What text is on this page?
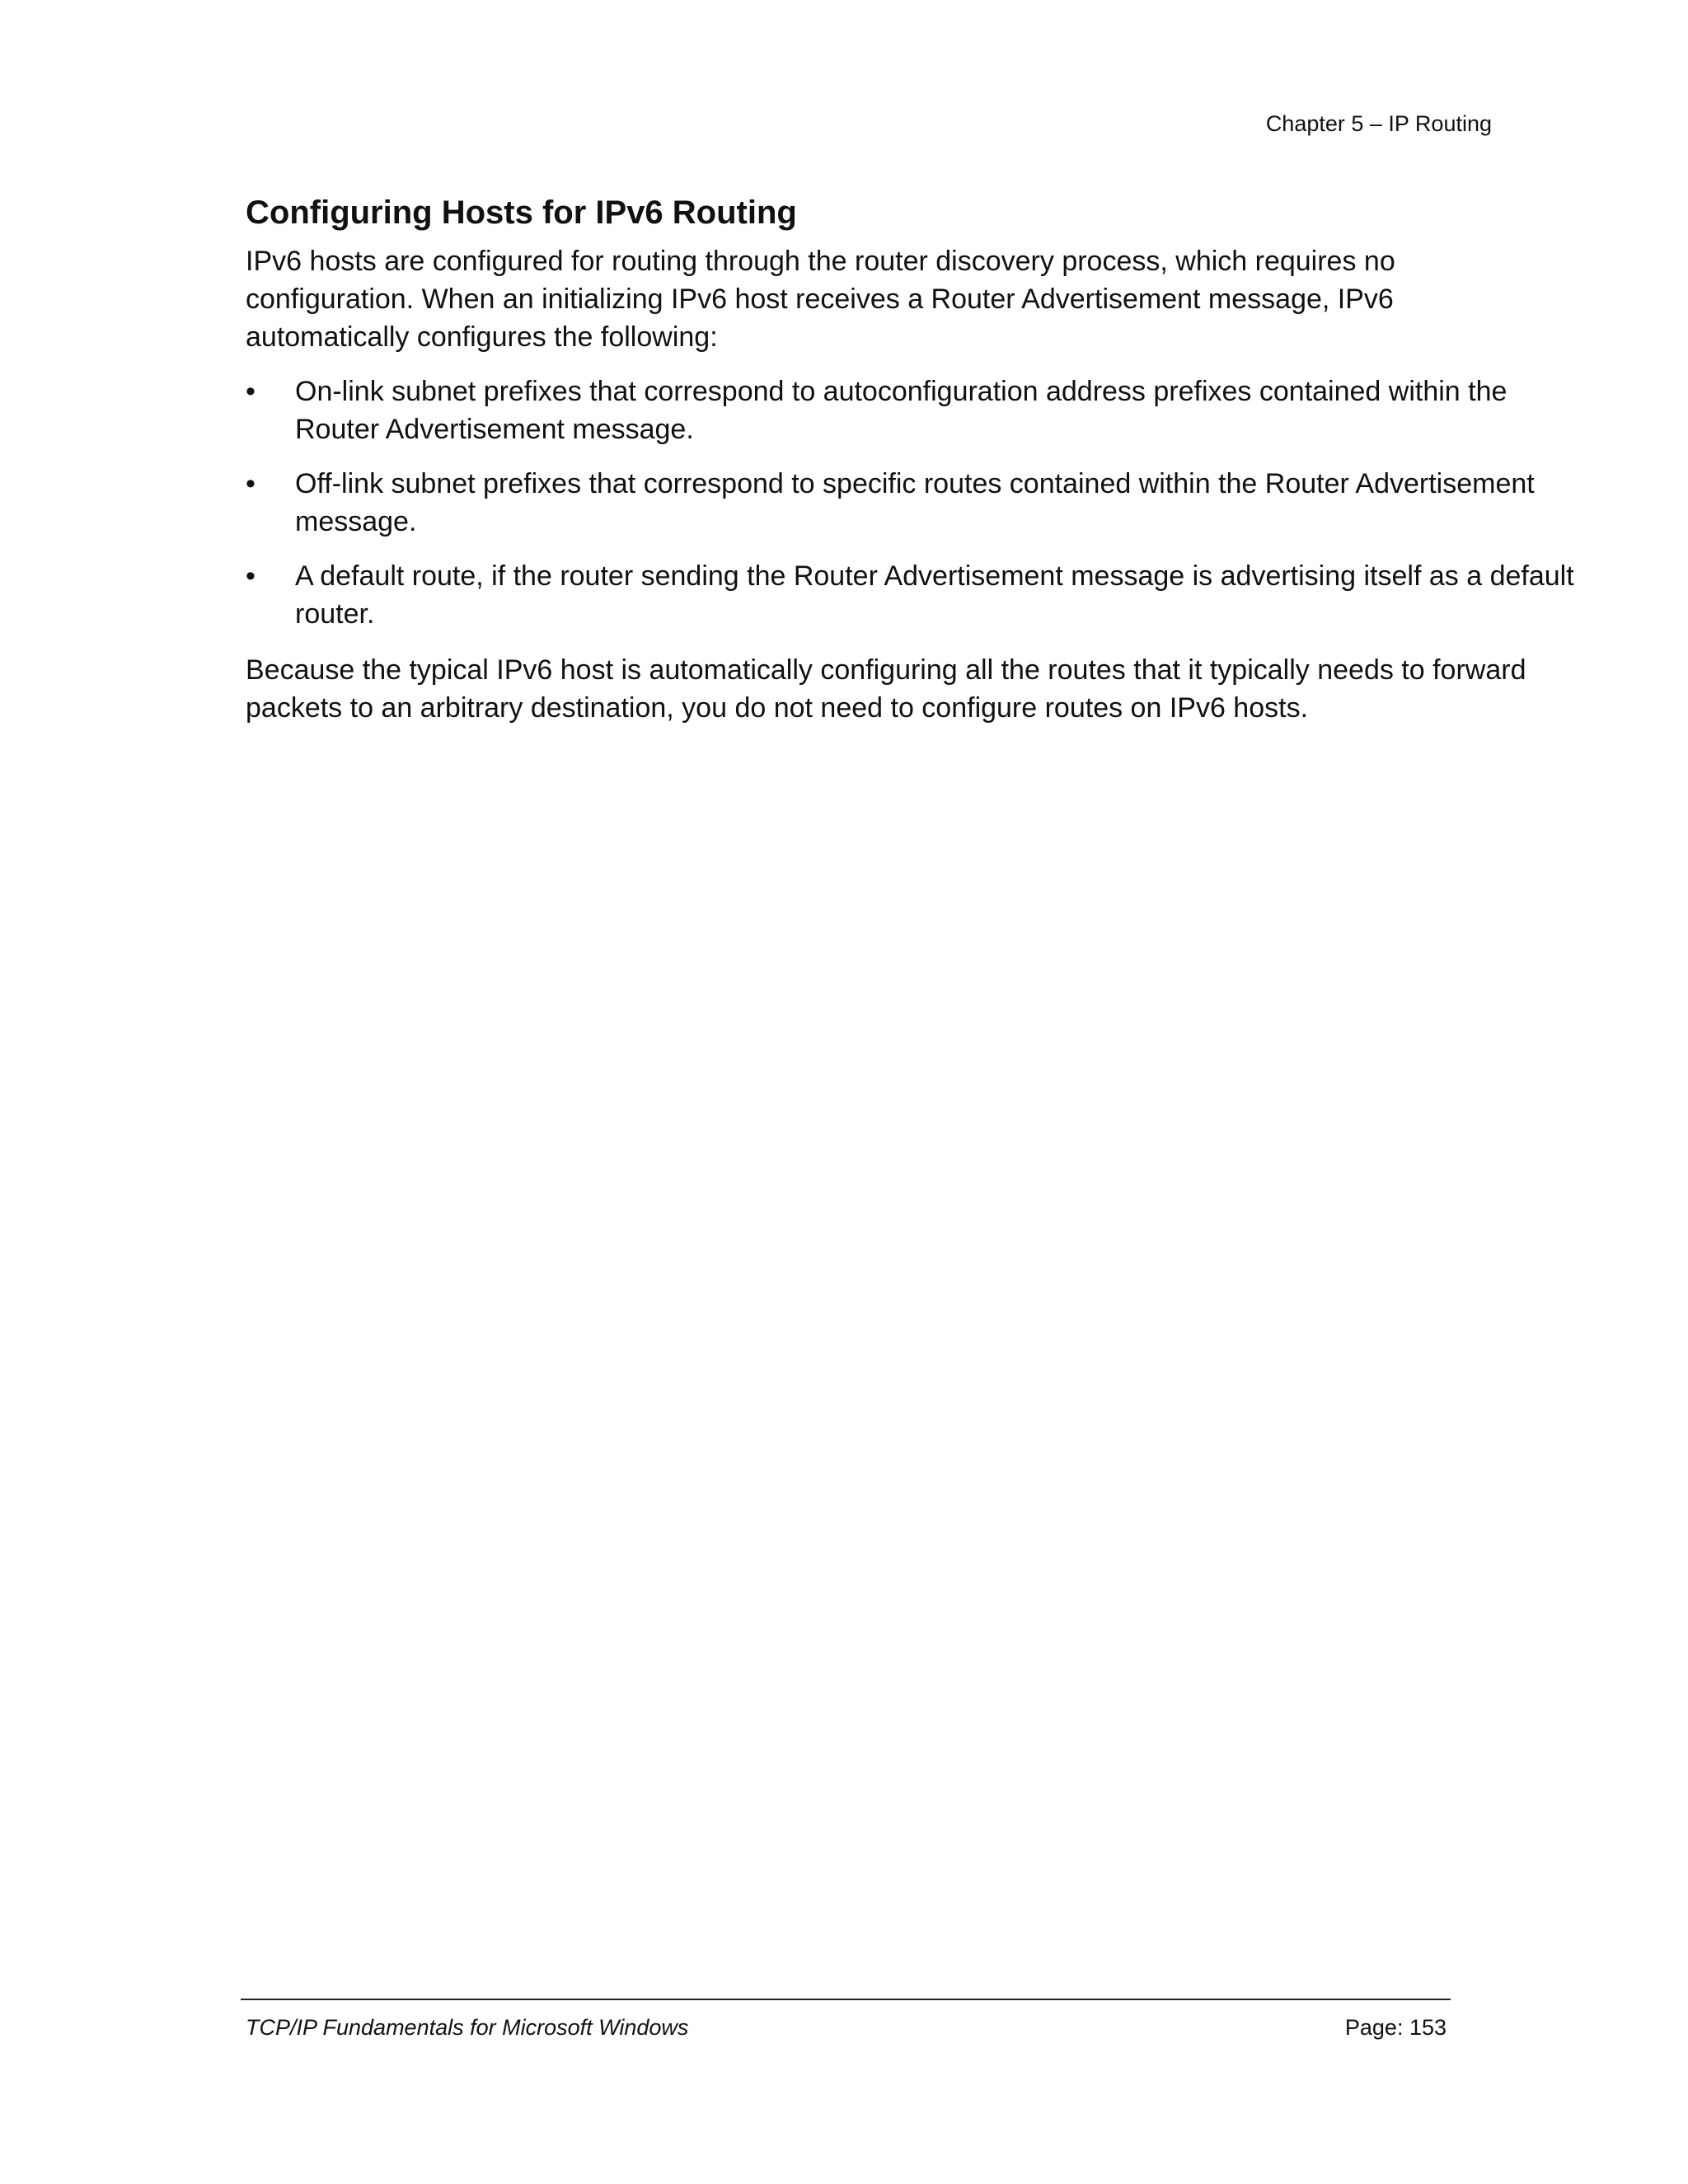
Chapter 5 – IP Routing
Configuring Hosts for IPv6 Routing

IPv6 hosts are configured for routing through the router discovery process, which requires no
configuration. When an initializing IPv6 host receives a Router Advertisement message, IPv6
automatically configures the following:

•	On-link subnet prefixes that correspond to autoconfiguration address prefixes contained within the
Router Advertisement message.
•	Off-link subnet prefixes that correspond to specific routes contained within the Router Advertisement
message.
•	A default route, if the router sending the Router Advertisement message is advertising itself as a default
router.

Because the typical IPv6 host is automatically configuring all the routes that it typically needs to forward
packets to an arbitrary destination, you do not need to configure routes on IPv6 hosts.

TCP/IP Fundamentals for Microsoft Windows	Page: 153
